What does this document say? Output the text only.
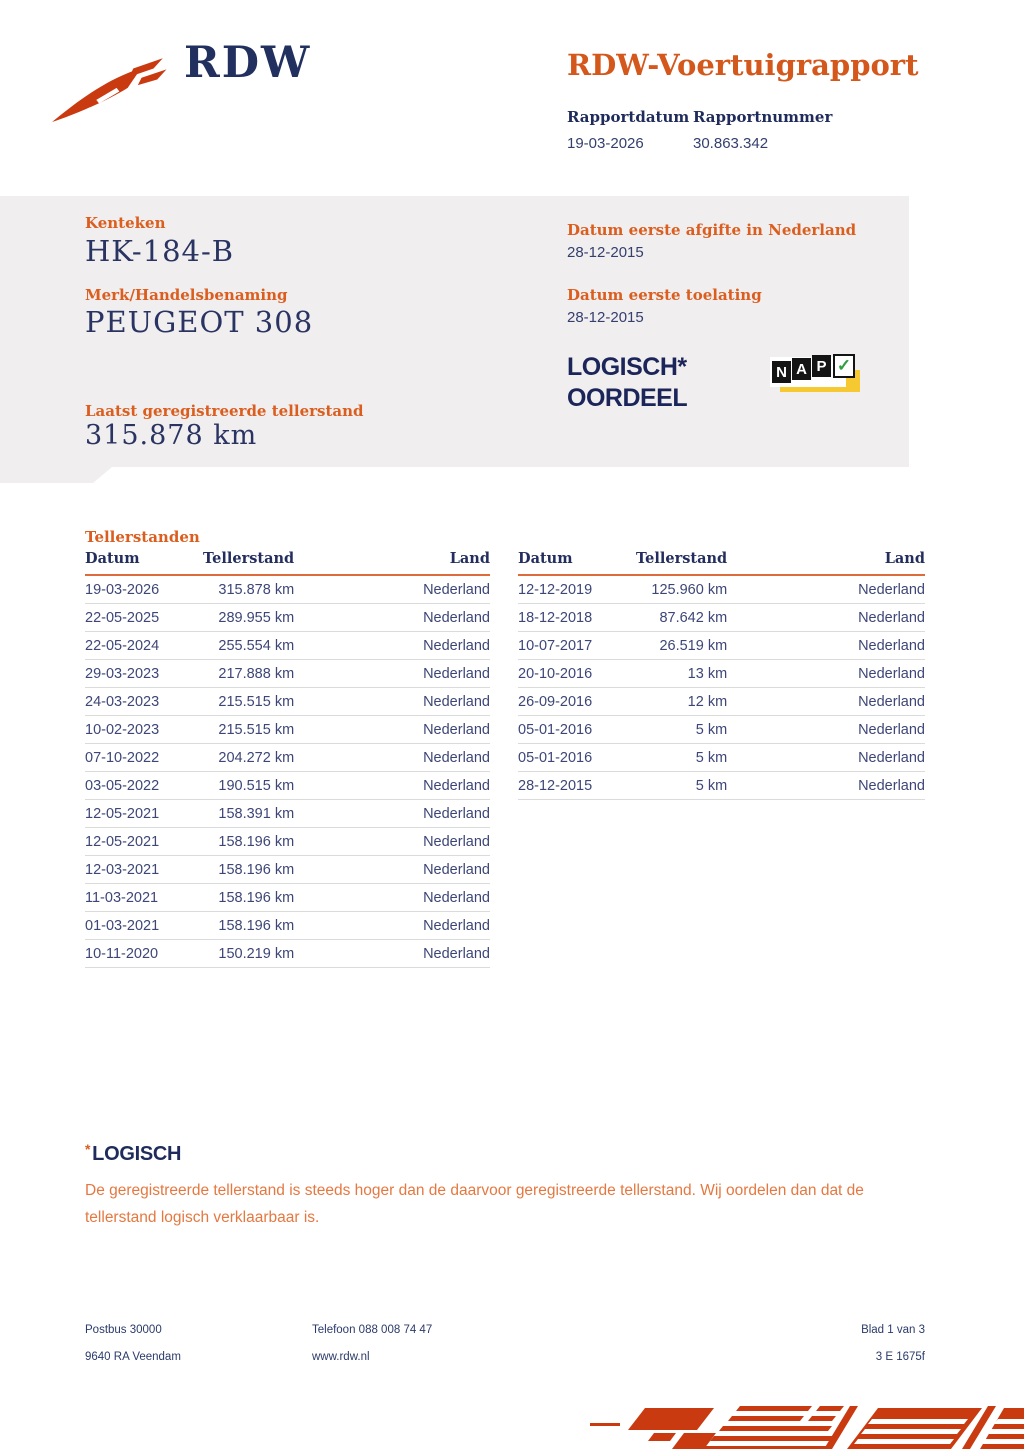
RDW	RDW-Voertuigrapport
Rapportdatum
19-03-2026
Rapportnummer
30.863.342
Kenteken
HK-184-B
Merk/Handelsbenaming
PEUGEOT 308
Laatst geregistreerde tellerstand
315.878 km
Datum eerste afgifte in Nederland
28-12-2015
Datum eerste toelating
28-12-2015
LOGISCH*
OORDEEL
N A P ✓
Tellerstanden
Datum	Tellerstand	Land
19-03-2026	315.878 km	Nederland
22-05-2025	289.955 km	Nederland
22-05-2024	255.554 km	Nederland
29-03-2023	217.888 km	Nederland
24-03-2023	215.515 km	Nederland
10-02-2023	215.515 km	Nederland
07-10-2022	204.272 km	Nederland
03-05-2022	190.515 km	Nederland
12-05-2021	158.391 km	Nederland
12-05-2021	158.196 km	Nederland
12-03-2021	158.196 km	Nederland
11-03-2021	158.196 km	Nederland
01-03-2021	158.196 km	Nederland
10-11-2020	150.219 km	Nederland
Datum	Tellerstand	Land
12-12-2019	125.960 km	Nederland
18-12-2018	87.642 km	Nederland
10-07-2017	26.519 km	Nederland
20-10-2016	13 km	Nederland
26-09-2016	12 km	Nederland
05-01-2016	5 km	Nederland
05-01-2016	5 km	Nederland
28-12-2015	5 km	Nederland
* LOGISCH

De geregistreerde tellerstand is steeds hoger dan de daarvoor geregistreerde tellerstand. Wij oordelen dan dat de tellerstand logisch verklaarbaar is.

Postbus 30000

9640 RA Veendam

Telefoon 088 008 74 47

www.rdw.nl

Blad 1 van 3

3 E 1675f
